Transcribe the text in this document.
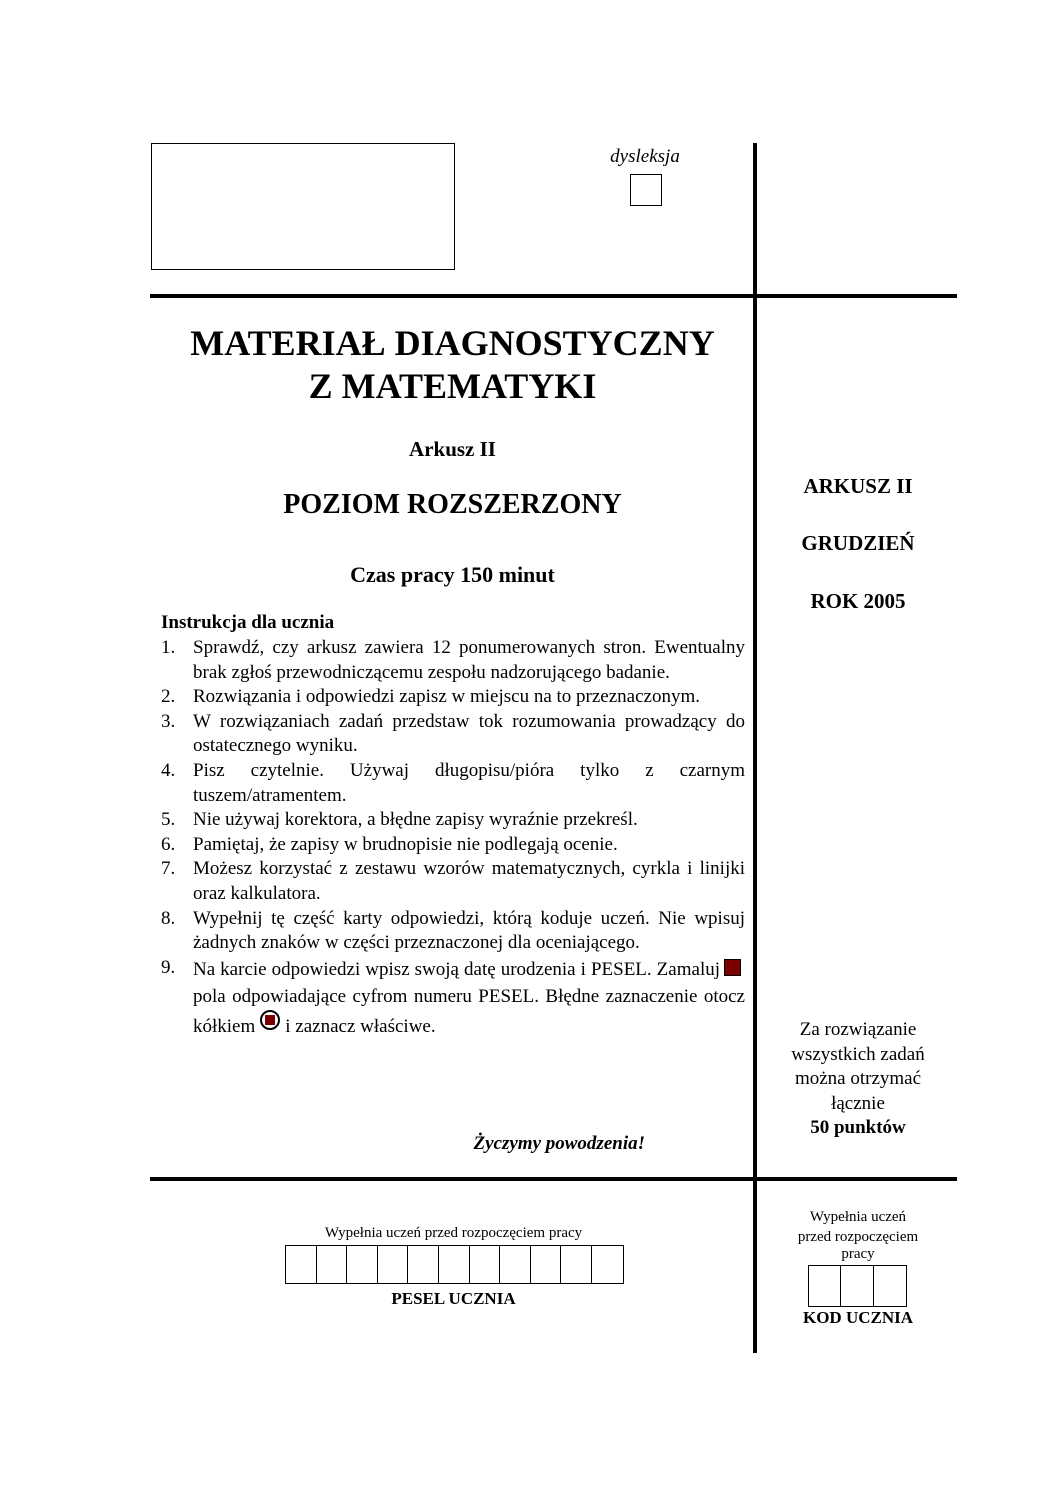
dysleksja
MATERIAŁ DIAGNOSTYCZNY
Z MATEMATYKI
Arkusz II
POZIOM ROZSZERZONY
Czas pracy 150 minut
ARKUSZ II
GRUDZIEŃ
ROK 2005
Instrukcja dla ucznia
1. Sprawdź, czy arkusz zawiera 12 ponumerowanych stron. Ewentualny brak zgłoś przewodniczącemu zespołu nadzorującego badanie.
2. Rozwiązania i odpowiedzi zapisz w miejscu na to przeznaczonym.
3. W rozwiązaniach zadań przedstaw tok rozumowania prowadzący do ostatecznego wyniku.
4. Pisz czytelnie. Używaj długopisu/pióra tylko z czarnym tuszem/atramentem.
5. Nie używaj korektora, a błędne zapisy wyraźnie przekreśl.
6. Pamiętaj, że zapisy w brudnopisie nie podlegają ocenie.
7. Możesz korzystać z zestawu wzorów matematycznych, cyrkla i linijki oraz kalkulatora.
8. Wypełnij tę część karty odpowiedzi, którą koduje uczeń. Nie wpisuj żadnych znaków w części przeznaczonej dla oceniającego.
9. Na karcie odpowiedzi wpisz swoją datę urodzenia i PESEL. Zamalujpola odpowiadające cyfrom numeru PESEL. Błędne zaznaczenie otocz kółkiem i zaznacz właściwe.
Życzymy powodzenia!
Za rozwiązanie
wszystkich zadań
można otrzymać
łącznie
50 punktów
Wypełnia uczeń przed rozpoczęciem pracy
PESEL UCZNIA
Wypełnia uczeń
przed rozpoczęciem
pracy
KOD UCZNIA
